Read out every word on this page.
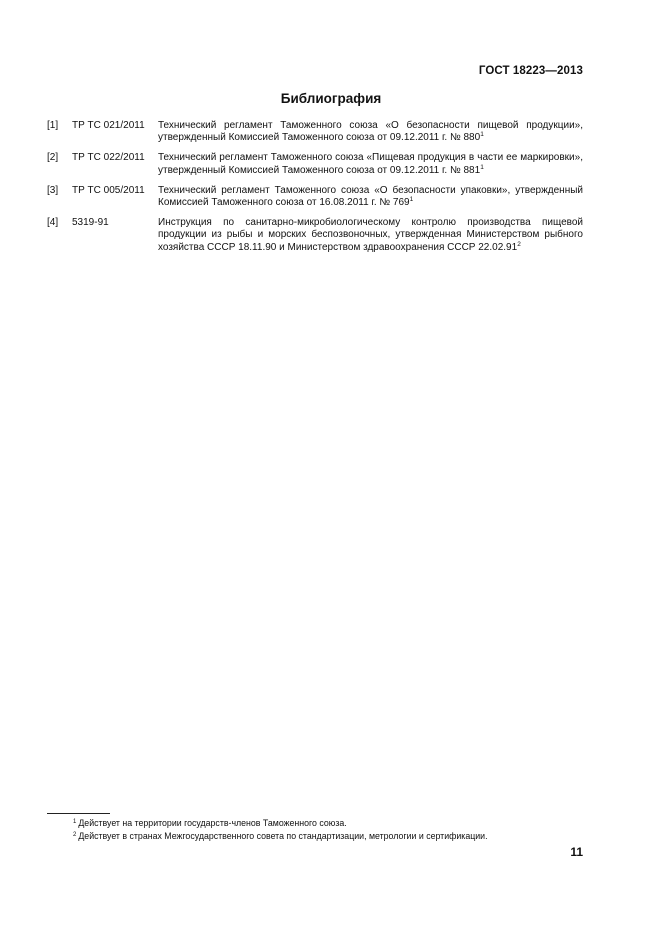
ГОСТ 18223—2013
Библиография
[1]	ТР ТС 021/2011	Технический регламент Таможенного союза «О безопасности пищевой продукции», утвержденный Комиссией Таможенного союза от 09.12.2011 г. № $880^1$
[2]	ТР ТС 022/2011	Технический регламент Таможенного союза «Пищевая продукция в части ее маркировки», утвержденный Комиссией Таможенного союза от 09.12.2011 г. № $881^1$
[3]	ТР ТС 005/2011	Технический регламент Таможенного союза «О безопасности упаковки», утвержденный Комиссией Таможенного союза от 16.08.2011 г. № $769^1$
[4]	5319-91	Инструкция по санитарно-микробиологическому контролю производства пищевой продукции из рыбы и морских беспозвоночных, утвержденная Министерством рыбного хозяйства СССР 18.11.90 и Министерством здравоохранения СССР 22.02.91$^2$
$^1$ Действует на территории государств-членов Таможенного союза.
$^2$ Действует в странах Межгосударственного совета по стандартизации, метрологии и сертификации.
11
